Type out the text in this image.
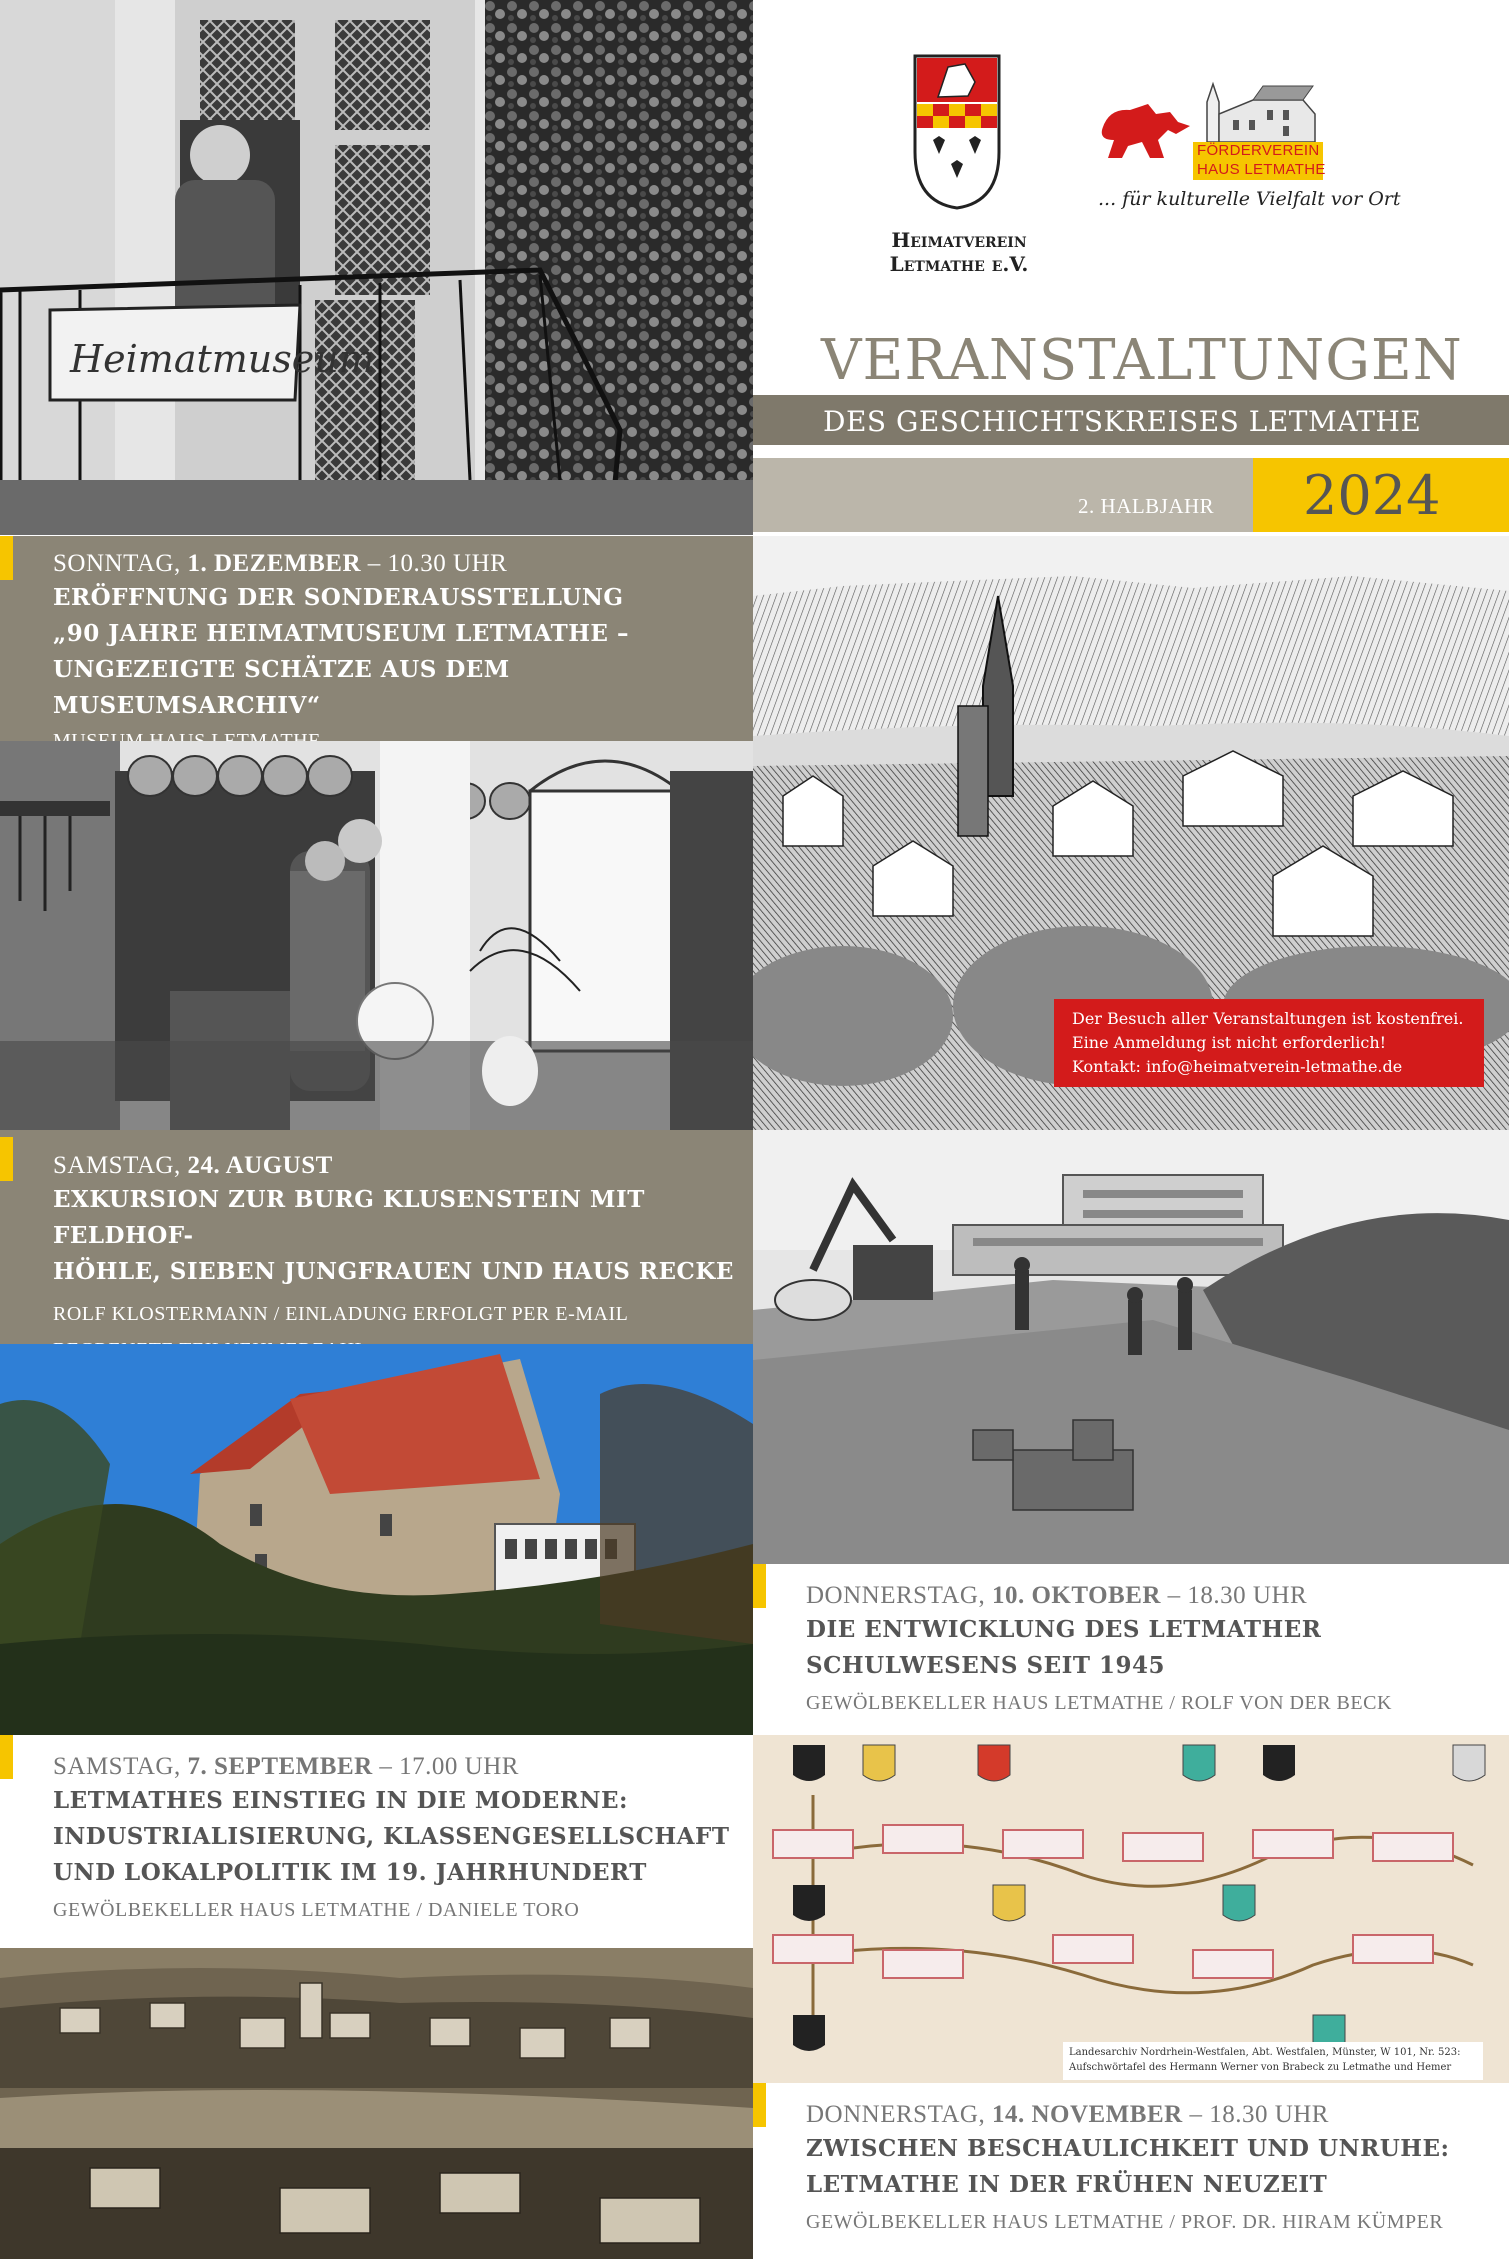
Heimatmuseum
Heimatverein
Letmathe e.V.
FÖRDERVEREIN
HAUS LETMATHE
... für kulturelle Vielfalt vor Ort
VERANSTALTUNGEN
DES GESCHICHTSKREISES LETMATHE
2. HALBJAHR 2024
SONNTAG, 1. DEZEMBER – 10.30 UHR
ERÖFFNUNG DER SONDERAUSSTELLUNG
„90 JAHRE HEIMATMUSEUM LETMATHE –
UNGEZEIGTE SCHÄTZE AUS DEM MUSEUMSARCHIV“
Der Besuch aller Veranstaltungen ist kostenfrei.
Eine Anmeldung ist nicht erforderlich!
Kontakt: info@heimatverein-letmathe.de
SAMSTAG, 24. AUGUST
EXKURSION ZUR BURG KLUSENSTEIN MIT FELDHOF-
HÖHLE, SIEBEN JUNGFRAUEN UND HAUS RECKE
ROLF KLOSTERMANN / EINLADUNG ERFOLGT PER E-MAIL
DONNERSTAG, 10. OKTOBER – 18.30 UHR
DIE ENTWICKLUNG DES LETMATHER
SCHULWESENS SEIT 1945
GEWÖLBEKELLER HAUS LETMATHE / ROLF VON DER BECK
SAMSTAG, 7. SEPTEMBER – 17.00 UHR
LETMATHES EINSTIEG IN DIE MODERNE:
INDUSTRIALISIERUNG, KLASSENGESELLSCHAFT
UND LOKALPOLITIK IM 19. JAHRHUNDERT
GEWÖLBEKELLER HAUS LETMATHE / DANIELE TORO
Landesarchiv Nordrhein-Westfalen, Abt. Westfalen, Münster, W 101, Nr. 523:
Aufschwörtafel des Hermann Werner von Brabeck zu Letmathe und Hemer
DONNERSTAG, 14. NOVEMBER – 18.30 UHR
ZWISCHEN BESCHAULICHKEIT UND UNRUHE:
LETMATHE IN DER FRÜHEN NEUZEIT
GEWÖLBEKELLER HAUS LETMATHE / PROF. DR. HIRAM KÜMPER
